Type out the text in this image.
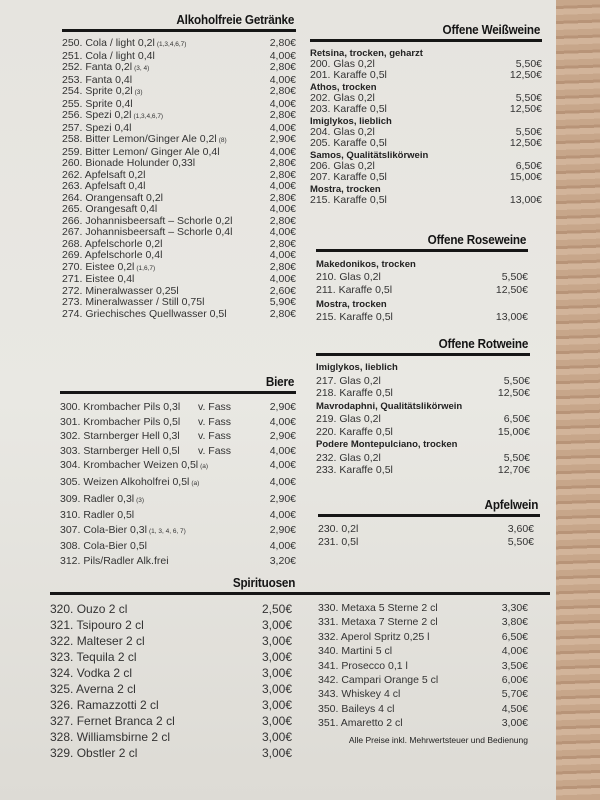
Alkoholfreie Getränke
250. Cola / light 0,2l (1,3,4,6,7)	2,80€
251. Cola / light 0,4l	4,00€
252. Fanta 0,2l (3, 4)	2,80€
253. Fanta 0,4l	4,00€
254. Sprite 0,2l (3)	2,80€
255. Sprite 0,4l	4,00€
256. Spezi 0,2l (1,3,4,6,7)	2,80€
257. Spezi 0,4l	4,00€
258. Bitter Lemon/Ginger Ale 0,2l (8)	2,90€
259. Bitter Lemon/ Ginger Ale 0,4l	4,00€
260. Bionade Holunder 0,33l	2,80€
262. Apfelsaft 0,2l	2,80€
263. Apfelsaft 0,4l	4,00€
264. Orangensaft 0,2l	2,80€
265. Orangesaft 0,4l	4,00€
266. Johannisbeersaft – Schorle 0,2l	2,80€
267. Johannisbeersaft – Schorle 0,4l	4,00€
268. Apfelschorle 0,2l	2,80€
269. Apfelschorle 0,4l	4,00€
270. Eistee 0,2l (1,6,7)	2,80€
271. Eistee 0,4l	4,00€
272. Mineralwasser 0,25l	2,60€
273. Mineralwasser / Still 0,75l	5,90€
274. Griechisches Quellwasser 0,5l	2,80€
Biere
300. Krombacher Pils 0,3l	v. Fass	2,90€
301. Krombacher Pils 0,5l	v. Fass	4,00€
302. Starnberger Hell 0,3l	v. Fass	2,90€
303. Starnberger Hell 0,5l	v. Fass	4,00€
304. Krombacher Weizen 0,5l (a)	4,00€
305. Weizen Alkoholfrei 0,5l (a)	4,00€
309. Radler 0,3l (3)	2,90€
310. Radler 0,5l	4,00€
307. Cola-Bier 0,3l (1, 3, 4, 6, 7)	2,90€
308. Cola-Bier 0,5l	4,00€
312. Pils/Radler Alk.frei	3,20€
Offene Weißweine
Retsina, trocken, geharzt
200. Glas 0,2l	5,50€
201. Karaffe 0,5l	12,50€
Athos, trocken
202. Glas 0,2l	5,50€
203. Karaffe 0,5l	12,50€
Imiglykos, lieblich
204. Glas 0,2l	5,50€
205. Karaffe 0,5l	12,50€
Samos, Qualitätslikörwein
206. Glas 0,2l	6,50€
207. Karaffe 0,5l	15,00€
Mostra, trocken
215. Karaffe 0,5l	13,00€
Offene Roseweine
Makedonikos, trocken
210. Glas 0,2l	5,50€
211. Karaffe 0,5l	12,50€
Mostra, trocken
215. Karaffe 0,5l	13,00€
Offene Rotweine
Imiglykos, lieblich
217. Glas 0,2l	5,50€
218. Karaffe 0,5l	12,50€
Mavrodaphni, Qualitätslikörwein
219. Glas 0,2l	6,50€
220. Karaffe 0,5l	15,00€
Podere Montepulciano, trocken
232. Glas 0,2l	5,50€
233. Karaffe 0,5l	12,70€
Apfelwein
230. 0,2l	3,60€
231. 0,5l	5,50€
Spirituosen
320. Ouzo 2 cl	2,50€
321. Tsipouro 2 cl	3,00€
322. Malteser 2 cl	3,00€
323. Tequila 2 cl	3,00€
324. Vodka 2 cl	3,00€
325. Averna 2 cl	3,00€
326. Ramazzotti 2 cl	3,00€
327. Fernet Branca 2 cl	3,00€
328. Williamsbirne 2 cl	3,00€
329. Obstler 2 cl	3,00€
330. Metaxa 5 Sterne 2 cl	3,30€
331. Metaxa 7 Sterne 2 cl	3,80€
332. Aperol Spritz 0,25 l	6,50€
340. Martini 5 cl	4,00€
341. Prosecco 0,1 l	3,50€
342. Campari Orange 5 cl	6,00€
343. Whiskey 4 cl	5,70€
350. Baileys 4 cl	4,50€
351. Amaretto 2 cl	3,00€
Alle Preise inkl. Mehrwertsteuer und Bedienung
